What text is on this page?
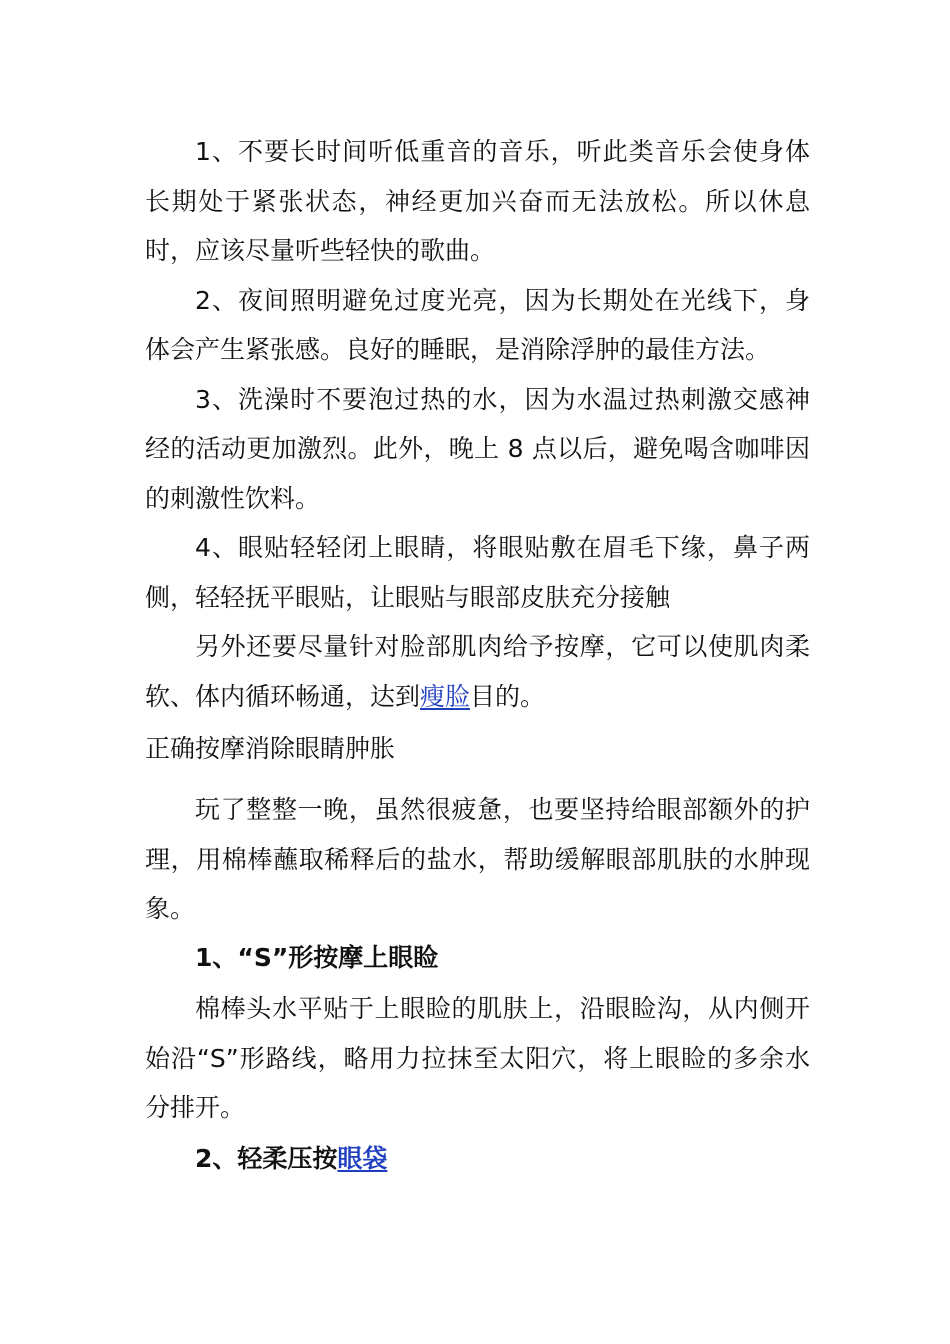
1、不要长时间听低重音的音乐，听此类音乐会使身体长期处于紧张状态，神经更加兴奋而无法放松。所以休息时，应该尽量听些轻快的歌曲。

2、夜间照明避免过度光亮，因为长期处在光线下，身体会产生紧张感。良好的睡眠，是消除浮肿的最佳方法。

3、洗澡时不要泡过热的水，因为水温过热刺激交感神经的活动更加激烈。此外，晚上 8 点以后，避免喝含咖啡因的刺激性饮料。

4、眼贴轻轻闭上眼睛，将眼贴敷在眉毛下缘，鼻子两侧，轻轻抚平眼贴，让眼贴与眼部皮肤充分接触

另外还要尽量针对脸部肌肉给予按摩，它可以使肌肉柔软、体内循环畅通，达到瘦脸目的。

正确按摩消除眼睛肿胀

玩了整整一晚，虽然很疲惫，也要坚持给眼部额外的护理，用棉棒蘸取稀释后的盐水，帮助缓解眼部肌肤的水肿现象。

1、“S”形按摩上眼睑

棉棒头水平贴于上眼睑的肌肤上，沿眼睑沟，从内侧开始沿“S”形路线，略用力拉抹至太阳穴，将上眼睑的多余水分排开。

2、轻柔压按眼袋
